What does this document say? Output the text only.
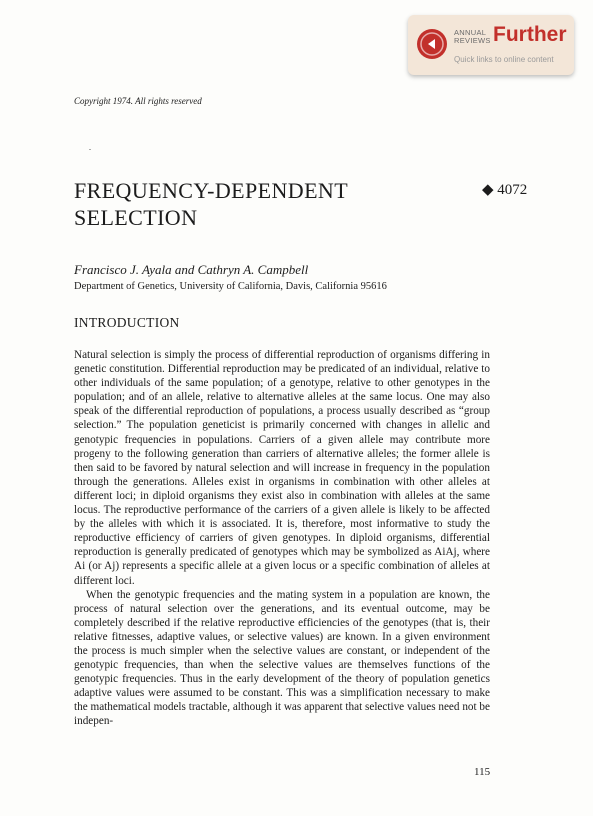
ANNUAL
REVIEWS Further
Quick links to online content
Copyright 1974. All rights reserved
.
FREQUENCY-DEPENDENT SELECTION
◆ 4072
Francisco J. Ayala and Cathryn A. Campbell
Department of Genetics, University of California, Davis, California 95616
INTRODUCTION

Natural selection is simply the process of differential reproduction of organisms differing in genetic constitution. Differential reproduction may be predicated of an individual, relative to other individuals of the same population; of a genotype, relative to other genotypes in the population; and of an allele, relative to alternative alleles at the same locus. One may also speak of the differential reproduction of populations, a process usually described as “group selection.” The population geneticist is primarily concerned with changes in allelic and genotypic frequencies in populations. Carriers of a given allele may contribute more progeny to the following generation than carriers of alternative alleles; the former allele is then said to be favored by natural selection and will increase in frequency in the population through the generations. Alleles exist in organisms in combination with other alleles at different loci; in diploid organisms they exist also in combination with alleles at the same locus. The reproductive performance of the carriers of a given allele is likely to be affected by the alleles with which it is associated. It is, therefore, most informative to study the reproductive efficiency of carriers of given genotypes. In diploid organisms, differential reproduction is generally predicated of genotypes which may be symbolized as AiAj, where Ai (or Aj) represents a specific allele at a given locus or a specific combination of alleles at different loci.

When the genotypic frequencies and the mating system in a population are known, the process of natural selection over the generations, and its eventual outcome, may be completely described if the relative reproductive efficiencies of the genotypes (that is, their relative fitnesses, adaptive values, or selective values) are known. In a given environment the process is much simpler when the selective values are constant, or independent of the genotypic frequencies, than when the selective values are themselves functions of the genotypic frequencies. Thus in the early development of the theory of population genetics adaptive values were assumed to be constant. This was a simplification necessary to make the mathematical models tractable, although it was apparent that selective values need not be indepen-

115
